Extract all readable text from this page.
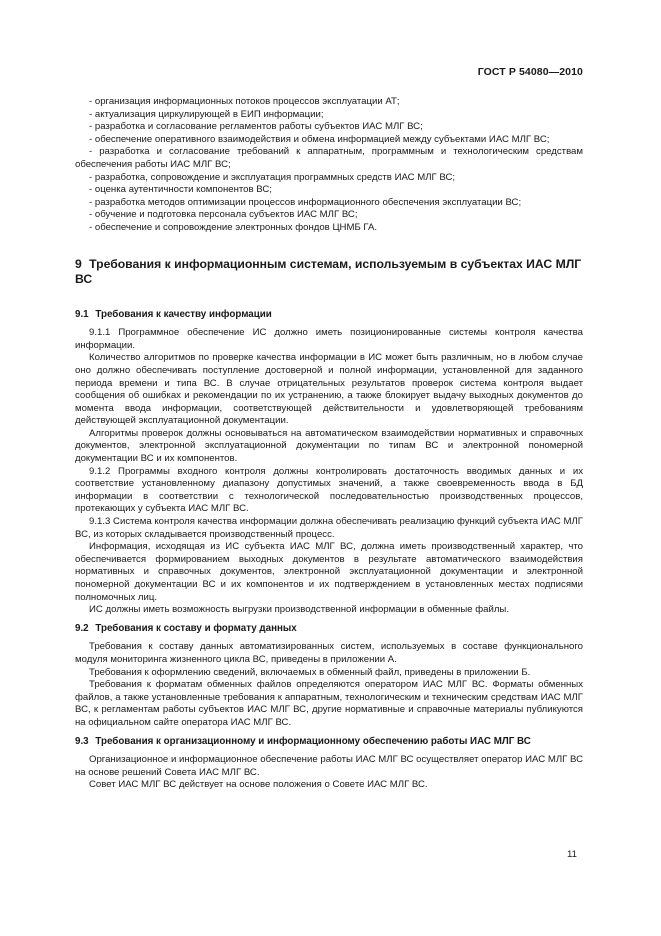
ГОСТ Р 54080—2010

- организация информационных потоков процессов эксплуатации АТ;

- актуализация циркулирующей в ЕИП информации;

- разработка и согласование регламентов работы субъектов ИАС МЛГ ВС;

- обеспечение оперативного взаимодействия и обмена информацией между субъектами ИАС МЛГ ВС;

- разработка и согласование требований к аппаратным, программным и технологическим средствам обеспечения работы ИАС МЛГ ВС;

- разработка, сопровождение и эксплуатация программных средств ИАС МЛГ ВС;

- оценка аутентичности компонентов ВС;

- разработка методов оптимизации процессов информационного обеспечения эксплуатации ВС;

- обучение и подготовка персонала субъектов ИАС МЛГ ВС;

- обеспечение и сопровождение электронных фондов ЦНМБ ГА.

9 Требования к информационным системам, используемым в субъектах ИАС МЛГ ВС
9.1 Требования к качеству информации

9.1.1 Программное обеспечение ИС должно иметь позиционированные системы контроля качества информации.

Количество алгоритмов по проверке качества информации в ИС может быть различным, но в любом случае оно должно обеспечивать поступление достоверной и полной информации, установленной для заданного периода времени и типа ВС. В случае отрицательных результатов проверок система контроля выдает сообщения об ошибках и рекомендации по их устранению, а также блокирует выдачу выходных документов до момента ввода информации, соответствующей действительности и удовлетворяющей требованиям действующей эксплуатационной документации.

Алгоритмы проверок должны основываться на автоматическом взаимодействии нормативных и справочных документов, электронной эксплуатационной документации по типам ВС и электронной пономерной документации ВС и их компонентов.

9.1.2 Программы входного контроля должны контролировать достаточность вводимых данных и их соответствие установленному диапазону допустимых значений, а также своевременность ввода в БД информации в соответствии с технологической последовательностью производственных процессов, протекающих у субъекта ИАС МЛГ ВС.

9.1.3 Система контроля качества информации должна обеспечивать реализацию функций субъекта ИАС МЛГ ВС, из которых складывается производственный процесс.

Информация, исходящая из ИС субъекта ИАС МЛГ ВС, должна иметь производственный характер, что обеспечивается формированием выходных документов в результате автоматического взаимодействия нормативных и справочных документов, электронной эксплуатационной документации и электронной пономерной документации ВС и их компонентов и их подтверждением в установленных местах подписями полномочных лиц.

ИС должны иметь возможность выгрузки производственной информации в обменные файлы.

9.2 Требования к составу и формату данных

Требования к составу данных автоматизированных систем, используемых в составе функционального модуля мониторинга жизненного цикла ВС, приведены в приложении А.

Требования к оформлению сведений, включаемых в обменный файл, приведены в приложении Б.

Требования к форматам обменных файлов определяются оператором ИАС МЛГ ВС. Форматы обменных файлов, а также установленные требования к аппаратным, технологическим и техническим средствам ИАС МЛГ ВС, к регламентам работы субъектов ИАС МЛГ ВС, другие нормативные и справочные материалы публикуются на официальном сайте оператора ИАС МЛГ ВС.

9.3 Требования к организационному и информационному обеспечению работы ИАС МЛГ ВС

Организационное и информационное обеспечение работы ИАС МЛГ ВС осуществляет оператор ИАС МЛГ ВС на основе решений Совета ИАС МЛГ ВС.

Совет ИАС МЛГ ВС действует на основе положения о Совете ИАС МЛГ ВС.

11
